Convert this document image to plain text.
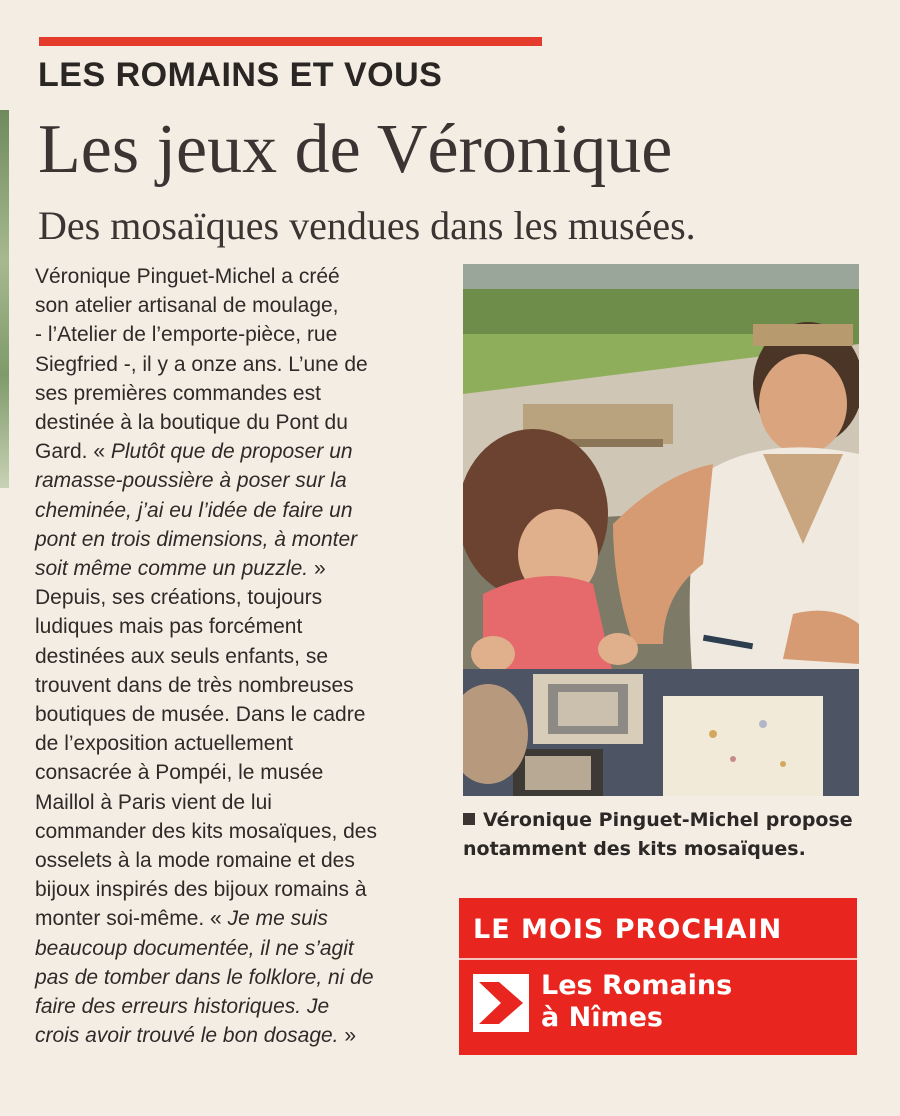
LES ROMAINS ET VOUS
Les jeux de Véronique
Des mosaïques vendues dans les musées.
Véronique Pinguet-Michel a créé
son atelier artisanal de moulage,
- l’Atelier de l’emporte-pièce, rue
Siegfried -, il y a onze ans. L’une de
ses premières commandes est
destinée à la boutique du Pont du
Gard. « Plutôt que de proposer un
ramasse-poussière à poser sur la
cheminée, j’ai eu l’idée de faire un
pont en trois dimensions, à monter
soit même comme un puzzle. »
Depuis, ses créations, toujours
ludiques mais pas forcément
destinées aux seuls enfants, se
trouvent dans de très nombreuses
boutiques de musée. Dans le cadre
de l’exposition actuellement
consacrée à Pompéi, le musée
Maillol à Paris vient de lui
commander des kits mosaïques, des
osselets à la mode romaine et des
bijoux inspirés des bijoux romains à
monter soi-même. « Je me suis
beaucoup documentée, il ne s’agit
pas de tomber dans le folklore, ni de
faire des erreurs historiques. Je
crois avoir trouvé le bon dosage. »
Véronique Pinguet-Michel propose
notamment des kits mosaïques.
LE MOIS PROCHAIN
Les Romains
à Nîmes
